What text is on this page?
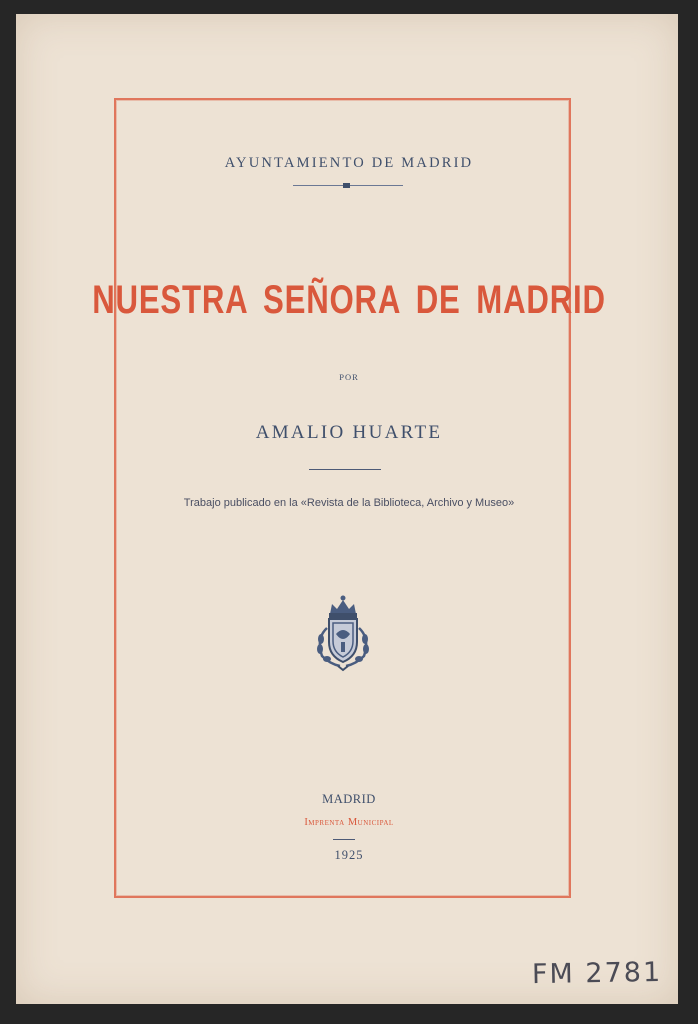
AYUNTAMIENTO DE MADRID
NUESTRA SEÑORA DE MADRID
POR
AMALIO HUARTE
Trabajo publicado en la «Revista de la Biblioteca, Archivo y Museo»
MADRID
Imprenta Municipal
1925
FM 2781
